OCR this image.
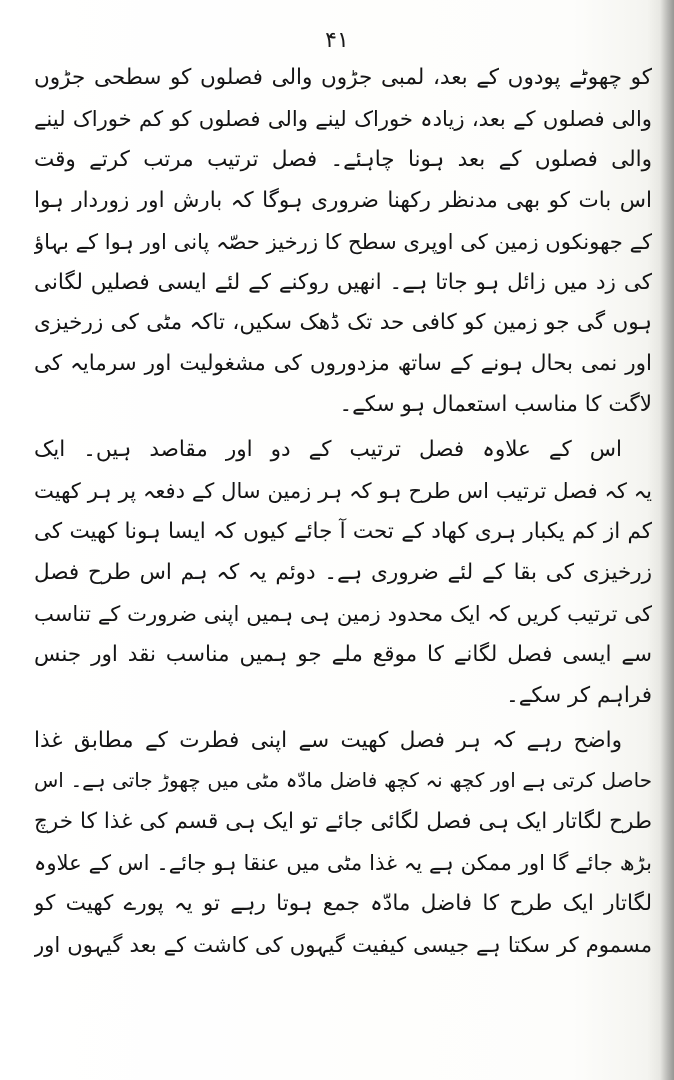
۴۱

کو چھوٹے پودوں کے بعد، لمبی جڑوں والی فصلوں کو سطحی جڑوں
والی فصلوں کے بعد، زیادہ خوراک لینے والی فصلوں کو کم خوراک لینے
والی فصلوں کے بعد ہونا چاہئے۔ فصل ترتیب مرتب کرتے وقت
اس بات کو بھی مدنظر رکھنا ضروری ہوگا کہ بارش اور زوردار ہوا
کے جھونکوں زمین کی اوپری سطح کا زرخیز حصّہ پانی اور ہوا کے بہاؤ
کی زد میں زائل ہو جاتا ہے۔ انھیں روکنے کے لئے ایسی فصلیں لگانی
ہوں گی جو زمین کو کافی حد تک ڈھک سکیں، تاکہ مٹی کی زرخیزی
اور نمی بحال ہونے کے ساتھ مزدوروں کی مشغولیت اور سرمایہ کی
لاگت کا مناسب استعمال ہو سکے۔

اس کے علاوہ فصل ترتیب کے دو اور مقاصد ہیں۔ ایک
یہ کہ فصل ترتیب اس طرح ہو کہ ہر زمین سال کے دفعہ پر ہر کھیت
کم از کم یکبار ہری کھاد کے تحت آ جائے کیوں کہ ایسا ہونا کھیت کی
زرخیزی کی بقا کے لئے ضروری ہے۔ دوئم یہ کہ ہم اس طرح فصل
کی ترتیب کریں کہ ایک محدود زمین ہی ہمیں اپنی ضرورت کے تناسب
سے ایسی فصل لگانے کا موقع ملے جو ہمیں مناسب نقد اور جنس
فراہم کر سکے۔

واضح رہے کہ ہر فصل کھیت سے اپنی فطرت کے مطابق غذا
حاصل کرتی ہے اور کچھ نہ کچھ فاضل مادّہ مٹی میں چھوڑ جاتی ہے۔ اس
طرح لگاتار ایک ہی فصل لگائی جائے تو ایک ہی قسم کی غذا کا خرچ
بڑھ جائے گا اور ممکن ہے یہ غذا مٹی میں عنقا ہو جائے۔ اس کے علاوہ
لگاتار ایک طرح کا فاضل مادّہ جمع ہوتا رہے تو یہ پورے کھیت کو
مسموم کر سکتا ہے جیسی کیفیت گیہوں کی کاشت کے بعد گیہوں اور
